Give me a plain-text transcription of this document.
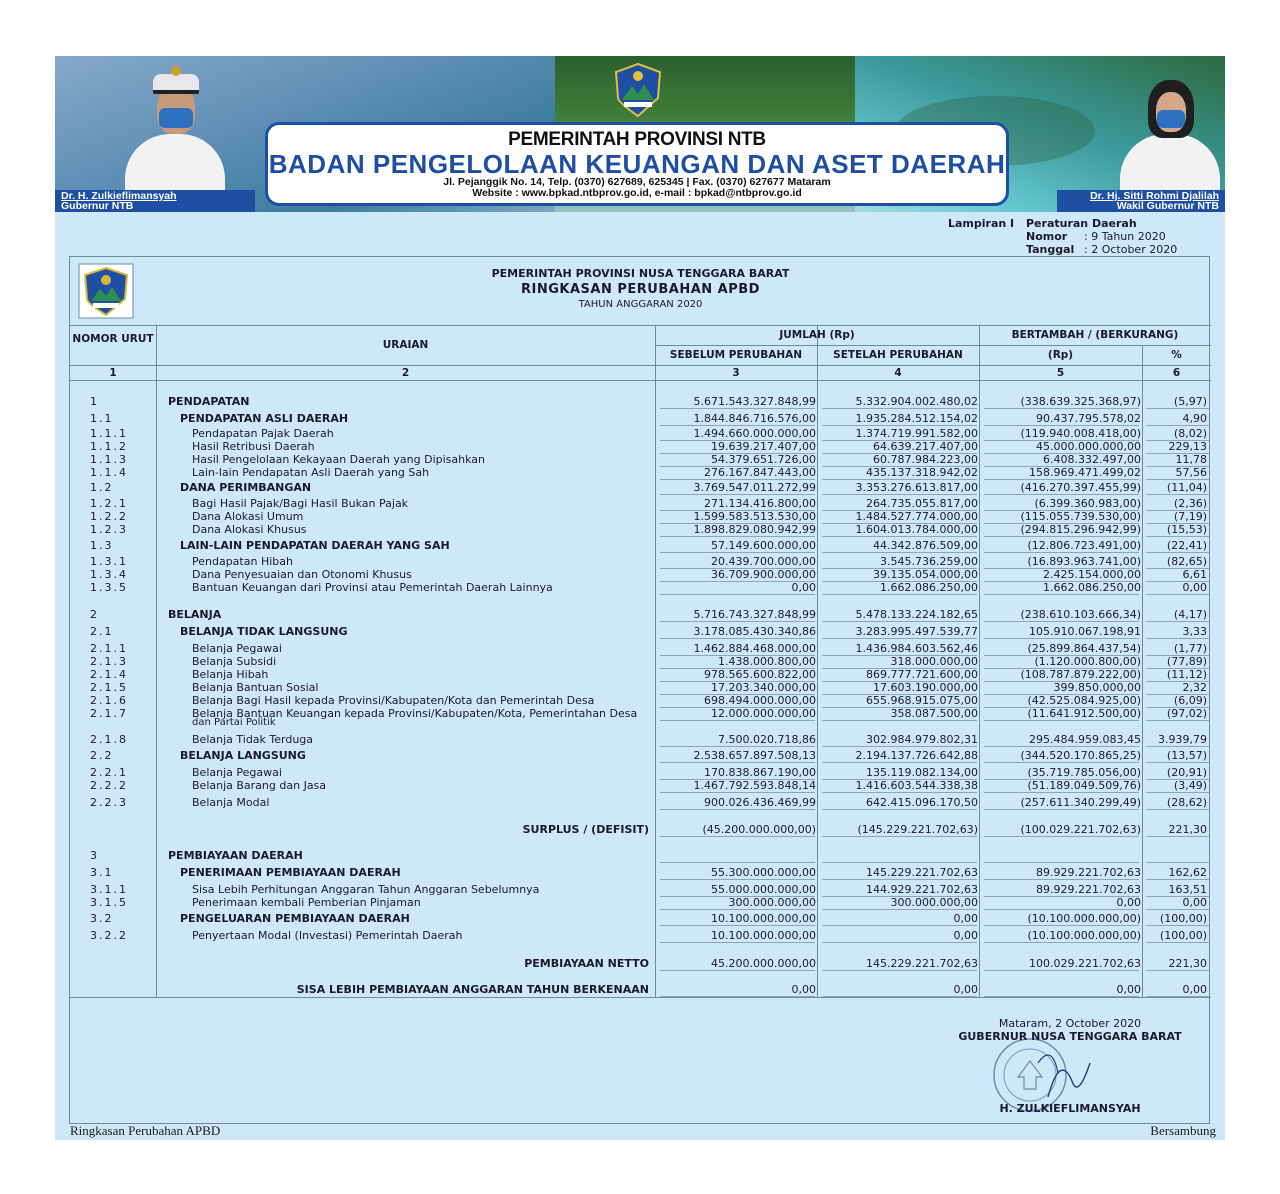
Dr. H. Zulkieflimansyah
Gubernur NTB
Dr. Hj. Sitti Rohmi Djalilah
Wakil Gubernur NTB
PEMERINTAH PROVINSI NTB
BADAN PENGELOLAAN KEUANGAN DAN ASET DAERAH
Jl. Pejanggik No. 14, Telp. (0370) 627689, 625345 | Fax. (0370) 627677 Mataram
Website : www.bpkad.ntbprov.go.id, e-mail : bpkad@ntbprov.go.id
Lampiran I	Peraturan Daerah
Nomor	: 9 Tahun 2020
Tanggal : 2 October 2020
PEMERINTAH PROVINSI NUSA TENGGARA BARAT
RINGKASAN PERUBAHAN APBD
TAHUN ANGGARAN 2020
NOMOR URUT	URAIAN
JUMLAH (Rp)
SEBELUM PERUBAHAN	SETELAH PERUBAHAN
BERTAMBAH / (BERKURANG)
(Rp)	%
1	2	3	4	5	6
1	PENDAPATAN	5.671.543.327.848,99	5.332.904.002.480,02	(338.639.325.368,97)	(5,97)
1.1	PENDAPATAN ASLI DAERAH	1.844.846.716.576,00	1.935.284.512.154,02	90.437.795.578,02	4,90
1.1.1	Pendapatan Pajak Daerah	1.494.660.000.000,00	1.374.719.991.582,00	(119.940.008.418,00)	(8,02)
1.1.2	Hasil Retribusi Daerah	19.639.217.407,00	64.639.217.407,00	45.000.000.000,00	229,13
1.1.3	Hasil Pengelolaan Kekayaan Daerah yang Dipisahkan	54.379.651.726,00	60.787.984.223,00	6.408.332.497,00	11,78
1.1.4	Lain-lain Pendapatan Asli Daerah yang Sah	276.167.847.443,00	435.137.318.942,02	158.969.471.499,02	57,56
1.2	DANA PERIMBANGAN	3.769.547.011.272,99	3.353.276.613.817,00	(416.270.397.455,99) (11,04)
1.2.1	Bagi Hasil Pajak/Bagi Hasil Bukan Pajak	271.134.416.800,00	264.735.055.817,00	(6.399.360.983,00)	(2,36)
1.2.2	Dana Alokasi Umum	1.599.583.513.530,00	1.484.527.774.000,00	(115.055.739.530,00)	(7,19)
1.2.3	Dana Alokasi Khusus	1.898.829.080.942,99	1.604.013.784.000,00	(294.815.296.942,99) (15,53)
1.3	LAIN-LAIN PENDAPATAN DAERAH YANG SAH	57.149.600.000,00	44.342.876.509,00	(12.806.723.491,00) (22,41)
1.3.1	Pendapatan Hibah	20.439.700.000,00	3.545.736.259,00	(16.893.963.741,00) (82,65)
1.3.4	Dana Penyesuaian dan Otonomi Khusus	36.709.900.000,00	39.135.054.000,00	2.425.154.000,00	6,61
1.3.5	Bantuan Keuangan dari Provinsi atau Pemerintah Daerah Lainnya	0,00	1.662.086.250,00	1.662.086.250,00	0,00
2	BELANJA	5.716.743.327.848,99	5.478.133.224.182,65	(238.610.103.666,34)	(4,17)
2.1	BELANJA TIDAK LANGSUNG	3.178.085.430.340,86	3.283.995.497.539,77	105.910.067.198,91	3,33
2.1.1	Belanja Pegawai	1.462.884.468.000,00	1.436.984.603.562,46	(25.899.864.437,54)	(1,77)
2.1.3	Belanja Subsidi	1.438.000.800,00	318.000.000,00	(1.120.000.800,00) (77,89)
2.1.4	Belanja Hibah	978.565.600.822,00	869.777.721.600,00	(108.787.879.222,00) (11,12)
2.1.5	Belanja Bantuan Sosial	17.203.340.000,00	17.603.190.000,00	399.850.000,00	2,32
2.1.6	Belanja Bagi Hasil kepada Provinsi/Kabupaten/Kota dan Pemerintah Desa	698.494.000.000,00	655.968.915.075,00	(42.525.084.925,00)	(6,09)
2.1.7	Belanja Bantuan Keuangan kepada Provinsi/Kabupaten/Kota, Pemerintahan Desa	12.000.000.000,00	358.087.500,00	(11.641.912.500,00) (97,02)
dan Partai Politik
2.1.8	Belanja Tidak Terduga	7.500.020.718,86	302.984.979.802,31	295.484.959.083,45 3.939,79
2.2	BELANJA LANGSUNG	2.538.657.897.508,13	2.194.137.726.642,88	(344.520.170.865,25) (13,57)
2.2.1	Belanja Pegawai	170.838.867.190,00	135.119.082.134,00	(35.719.785.056,00) (20,91)
2.2.2	Belanja Barang dan Jasa	1.467.792.593.848,14	1.416.603.544.338,38	(51.189.049.509,76)	(3,49)
2.2.3	Belanja Modal	900.026.436.469,99	642.415.096.170,50	(257.611.340.299,49) (28,62)
SURPLUS / (DEFISIT)	(45.200.000.000,00)	(145.229.221.702,63)	(100.029.221.702,63)	221,30
3	PEMBIAYAAN DAERAH
3.1	PENERIMAAN PEMBIAYAAN DAERAH	55.300.000.000,00	145.229.221.702,63	89.929.221.702,63	162,62
3.1.1	Sisa Lebih Perhitungan Anggaran Tahun Anggaran Sebelumnya	55.000.000.000,00	144.929.221.702,63	89.929.221.702,63	163,51
3.1.5	Penerimaan kembali Pemberian Pinjaman	300.000.000,00	300.000.000,00	0,00	0,00
3.2	PENGELUARAN PEMBIAYAAN DAERAH	10.100.000.000,00	0,00	(10.100.000.000,00) (100,00)
3.2.2	Penyertaan Modal (Investasi) Pemerintah Daerah	10.100.000.000,00	0,00	(10.100.000.000,00) (100,00)
PEMBIAYAAN NETTO	45.200.000.000,00	145.229.221.702,63	100.029.221.702,63	221,30
SISA LEBIH PEMBIAYAAN ANGGARAN TAHUN BERKENAAN	0,00	0,00	0,00	0,00
Mataram, 2 October 2020
GUBERNUR NUSA TENGGARA BARAT
H. ZULKIEFLIMANSYAH
Ringkasan Perubahan APBD	Bersambung
